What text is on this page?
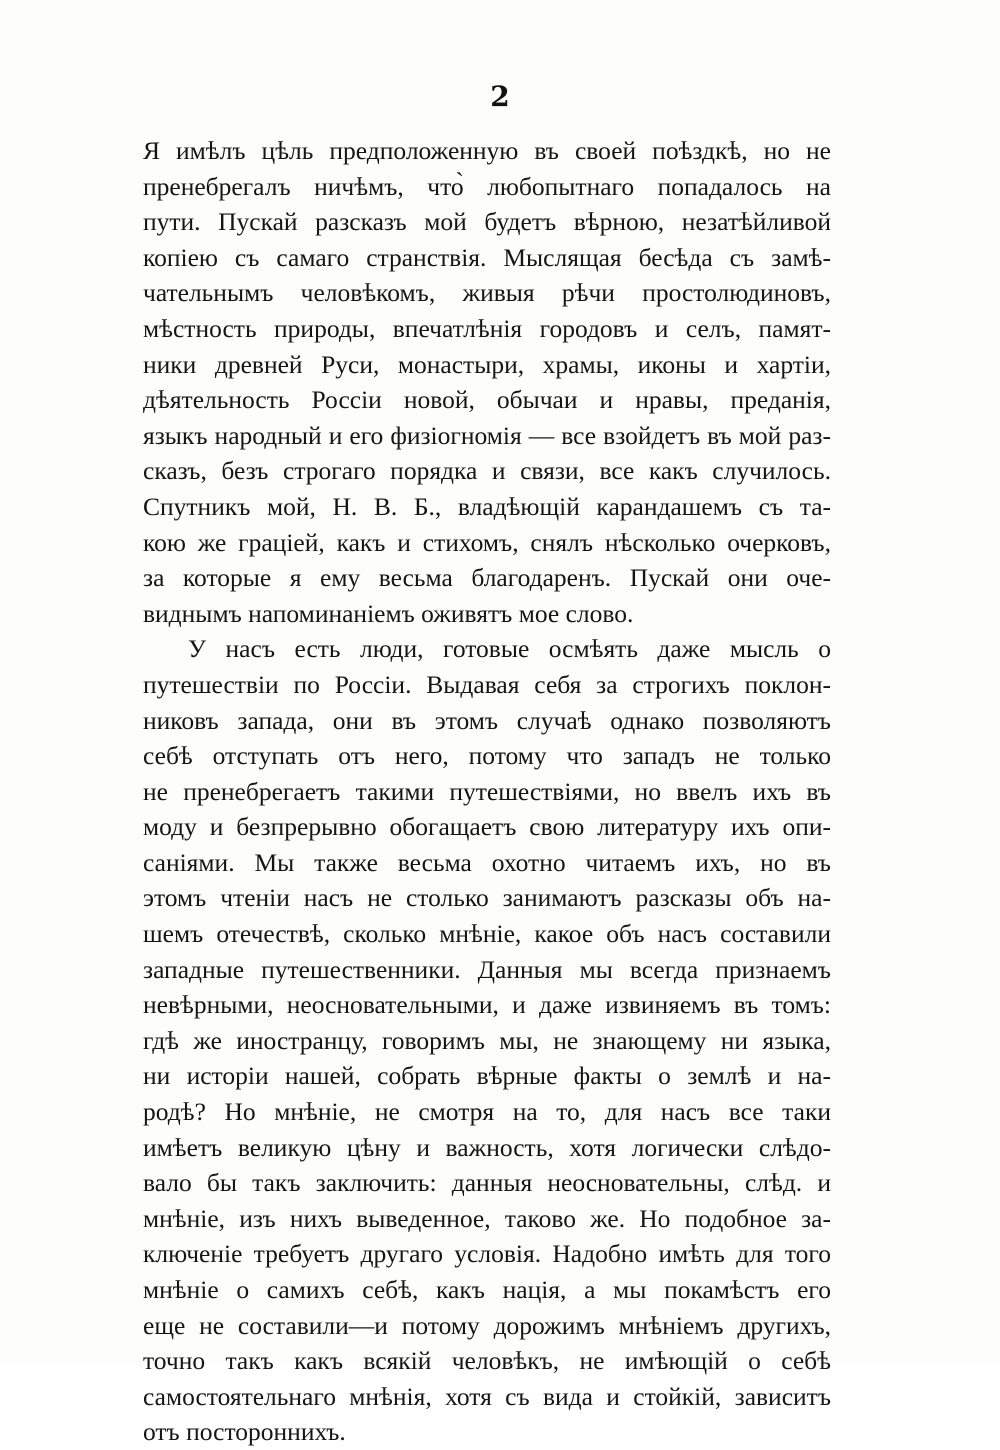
2
Я имѣлъ цѣль предположенную въ своей поѣздкѣ, но не
пренебрегалъ ничѣмъ, что̀ любопытнаго попадалось на
пути. Пускай разсказъ мой будетъ вѣрною, незатѣйливой
копіею съ самаго странствія. Мыслящая бесѣда съ замѣ-
чательнымъ человѣкомъ, живыя рѣчи простолюдиновъ,
мѣстность природы, впечатлѣнія городовъ и селъ, памят-
ники древней Руси, монастыри, храмы, иконы и хартіи,
дѣятельность Россіи новой, обычаи и нравы, преданія,
языкъ народный и его физіогномія — все взойдетъ въ мой раз-
сказъ, безъ строгаго порядка и связи, все какъ случилось.
Спутникъ мой, Н. В. Б., владѣющій карандашемъ съ та-
кою же граціей, какъ и стихомъ, снялъ нѣсколько очерковъ,
за которые я ему весьма благодаренъ. Пускай они оче-
виднымъ напоминаніемъ оживятъ мое слово.
У насъ есть люди, готовые осмѣять даже мысль о
путешествіи по Россіи. Выдавая себя за строгихъ поклон-
никовъ запада, они въ этомъ случаѣ однако позволяютъ
себѣ отступать отъ него, потому что западъ не только
не пренебрегаетъ такими путешествіями, но ввелъ ихъ въ
моду и безпрерывно обогащаетъ свою литературу ихъ опи-
саніями. Мы также весьма охотно читаемъ ихъ, но въ
этомъ чтеніи насъ не столько занимаютъ разсказы объ на-
шемъ отечествѣ, сколько мнѣніе, какое объ насъ составили
западные путешественники. Данныя мы всегда признаемъ
невѣрными, неосновательными, и даже извиняемъ въ томъ:
гдѣ же иностранцу, говоримъ мы, не знающему ни языка,
ни исторіи нашей, собрать вѣрные факты о землѣ и на-
родѣ? Но мнѣніе, не смотря на то, для насъ все таки
имѣетъ великую цѣну и важность, хотя логически слѣдо-
вало бы такъ заключить: данныя неосновательны, слѣд. и
мнѣніе, изъ нихъ выведенное, таково же. Но подобное за-
ключеніе требуетъ другаго условія. Надобно имѣть для того
мнѣніе о самихъ себѣ, какъ нація, а мы покамѣстъ его
еще не составили—и потому дорожимъ мнѣніемъ другихъ,
точно такъ какъ всякій человѣкъ, не имѣющій о себѣ
самостоятельнаго мнѣнія, хотя съ вида и стойкій, зависитъ
отъ постороннихъ.
